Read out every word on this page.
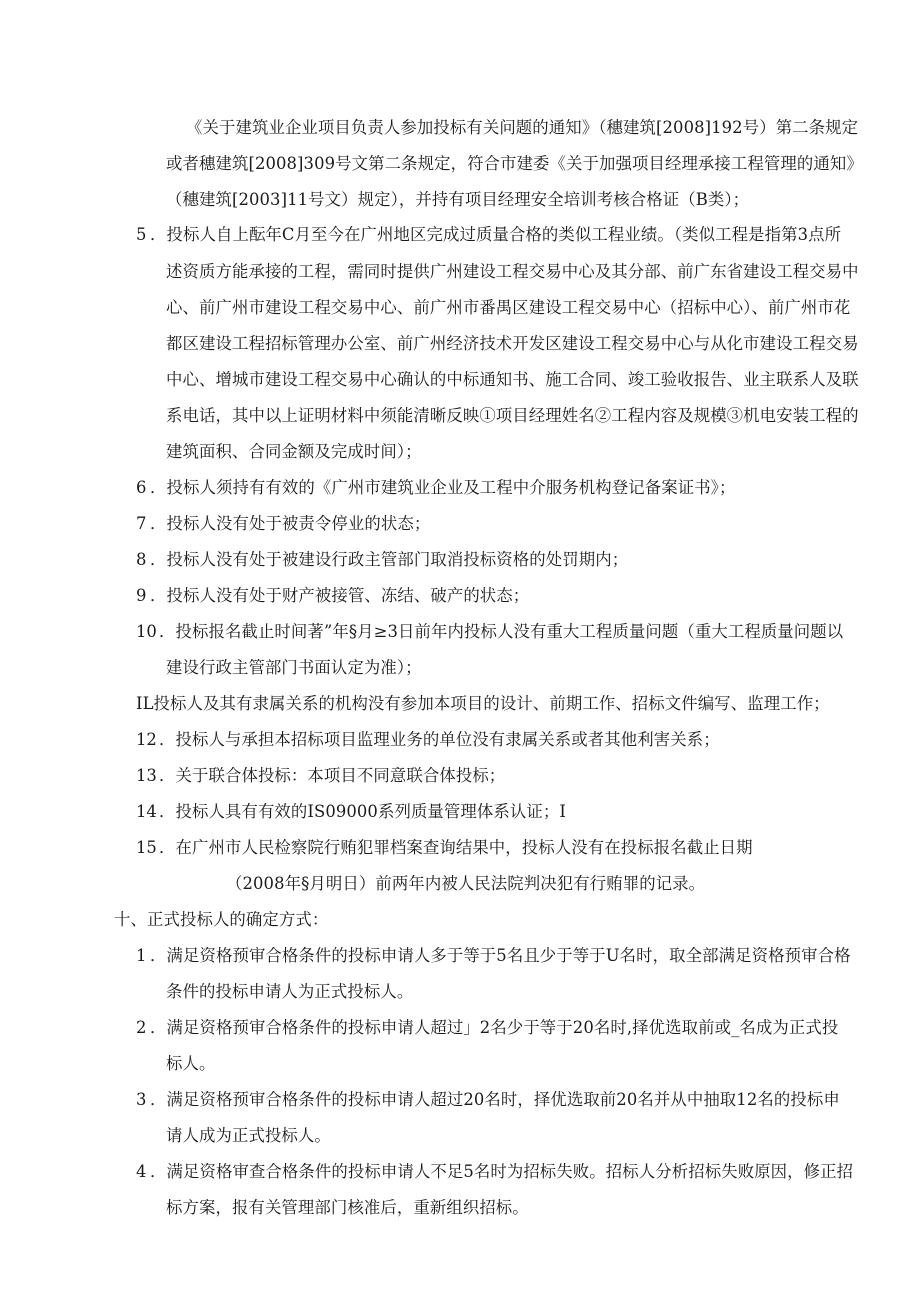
《关于建筑业企业项目负责人参加投标有关问题的通知》（穗建筑[2008]192号）第二条规定

或者穗建筑[2008]309号文第二条规定，符合市建委《关于加强项目经理承接工程管理的通知》

（穗建筑[2003]11号文）规定），并持有项目经理安全培训考核合格证（B类）；

5 ．投标人自上酝年C月至今在广州地区完成过质量合格的类似工程业绩。（类似工程是指第3点所

述资质方能承接的工程，需同时提供广州建设工程交易中心及其分部、前广东省建设工程交易中

心、前广州市建设工程交易中心、前广州市番禺区建设工程交易中心（招标中心）、前广州市花

都区建设工程招标管理办公室、前广州经济技术开发区建设工程交易中心与从化市建设工程交易

中心、增城市建设工程交易中心确认的中标通知书、施工合同、竣工验收报告、业主联系人及联

系电话，其中以上证明材料中须能清晰反映①项目经理姓名②工程内容及规模③机电安装工程的

建筑面积、合同金额及完成时间）；

6 ．投标人须持有有效的《广州市建筑业企业及工程中介服务机构登记备案证书》；

7 ．投标人没有处于被责令停业的状态；

8 ．投标人没有处于被建设行政主管部门取消投标资格的处罚期内；

9 ．投标人没有处于财产被接管、冻结、破产的状态；

10 ．投标报名截止时间著”年§月≥3日前年内投标人没有重大工程质量问题（重大工程质量问题以

建设行政主管部门书面认定为准）；

IL投标人及其有隶属关系的机构没有参加本项目的设计、前期工作、招标文件编写、监理工作；

12 ．投标人与承担本招标项目监理业务的单位没有隶属关系或者其他利害关系；

13 ．关于联合体投标：本项目不同意联合体投标；

14 ．投标人具有有效的IS09000系列质量管理体系认证；I

15 ．在广州市人民检察院行贿犯罪档案查询结果中，投标人没有在投标报名截止日期

（2008年§月明日）前两年内被人民法院判决犯有行贿罪的记录。

十、正式投标人的确定方式：

1 ．满足资格预审合格条件的投标申请人多于等于5名且少于等于U名时，取全部满足资格预审合格

条件的投标申请人为正式投标人。

2 ．满足资格预审合格条件的投标申请人超过」2名少于等于20名时,择优选取前或_名成为正式投

标人。

3 ．满足资格预审合格条件的投标申请人超过20名时，择优选取前20名并从中抽取12名的投标申

请人成为正式投标人。

4 ．满足资格审查合格条件的投标申请人不足5名时为招标失败。招标人分析招标失败原因，修正招

标方案，报有关管理部门核准后，重新组织招标。
